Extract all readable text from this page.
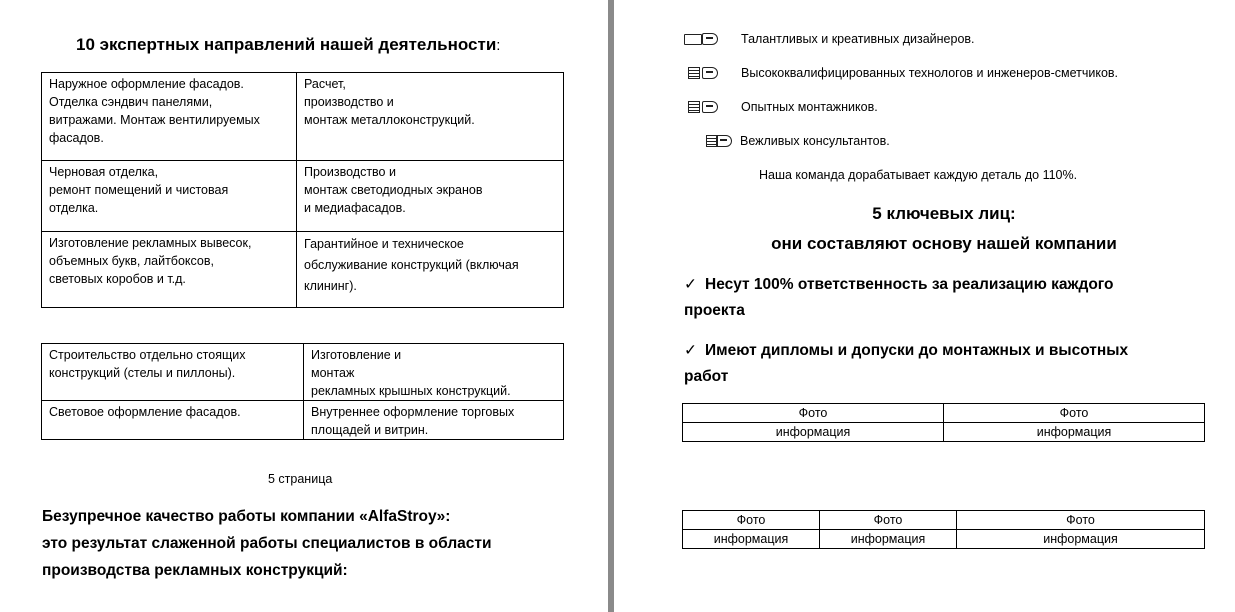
10 экспертных направлений нашей деятельности:
Наружное оформление фасадов.
Отделка сэндвич панелями,
витражами. Монтаж вентилируемых
фасадов.	Расчет,
производство и
монтаж металлоконструкций.

Черновая отделка,
ремонт помещений и чистовая
отделка.	Производство и
монтаж светодиодных экранов
и медиафасадов.

Изготовление рекламных вывесок,
объемных букв, лайтбоксов,
световых коробов и т.д.	Гарантийное и техническое
обслуживание конструкций (включая
клининг).
Строительство отдельно стоящих
конструкций (стелы и пиллоны).	Изготовление и
монтаж
рекламных крышных конструкций.

Световое оформление фасадов.	Внутреннее оформление торговых
площадей и витрин.
5 страница
Безупречное качество работы компании «AlfaStroy»:
это результат слаженной работы специалистов в области
производства рекламных конструкций:
Талантливых и креативных дизайнеров.
Высококвалифицированных технологов и инженеров-сметчиков.
Опытных монтажников.
Вежливых консультантов.
Наша команда дорабатывает каждую деталь до 110%.
5 ключевых лиц:
они составляют основу нашей компании
✓ Несут 100% ответственность за реализацию каждого
проекта
✓ Имеют дипломы и допуски до монтажных и высотных
работ
Фото	Фото
информация	информация
Фото	Фото	Фото
информация	информация	информация
